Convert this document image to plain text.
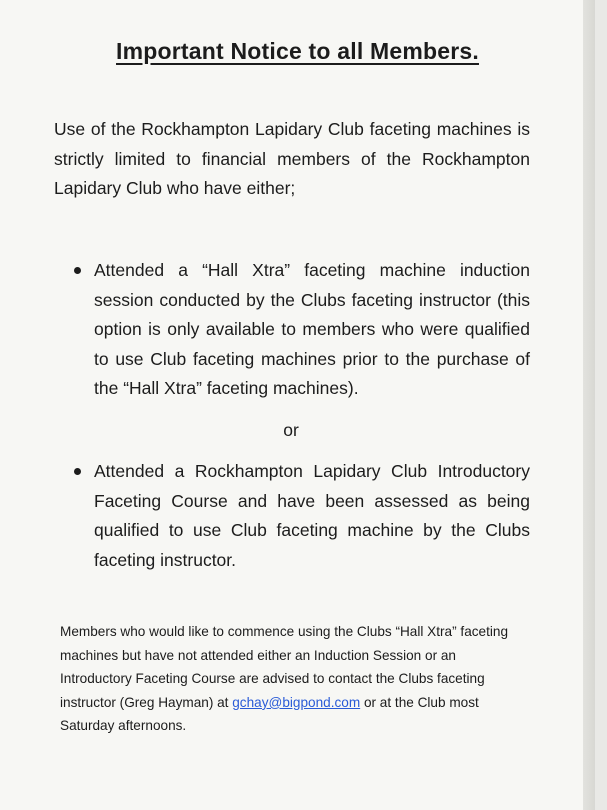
Important Notice to all Members.
Use of the Rockhampton Lapidary Club faceting machines is strictly limited to financial members of the Rockhampton Lapidary Club who have either;
Attended a “Hall Xtra” faceting machine induction session conducted by the Clubs faceting instructor (this option is only available to members who were qualified to use Club faceting machines prior to the purchase of the “Hall Xtra” faceting machines).
or
Attended a Rockhampton Lapidary Club Introductory Faceting Course and have been assessed as being qualified to use Club faceting machine by the Clubs faceting instructor.
Members who would like to commence using the Clubs “Hall Xtra” faceting machines but have not attended either an Induction Session or an Introductory Faceting Course are advised to contact the Clubs faceting instructor (Greg Hayman) at gchay@bigpond.com or at the Club most Saturday afternoons.
